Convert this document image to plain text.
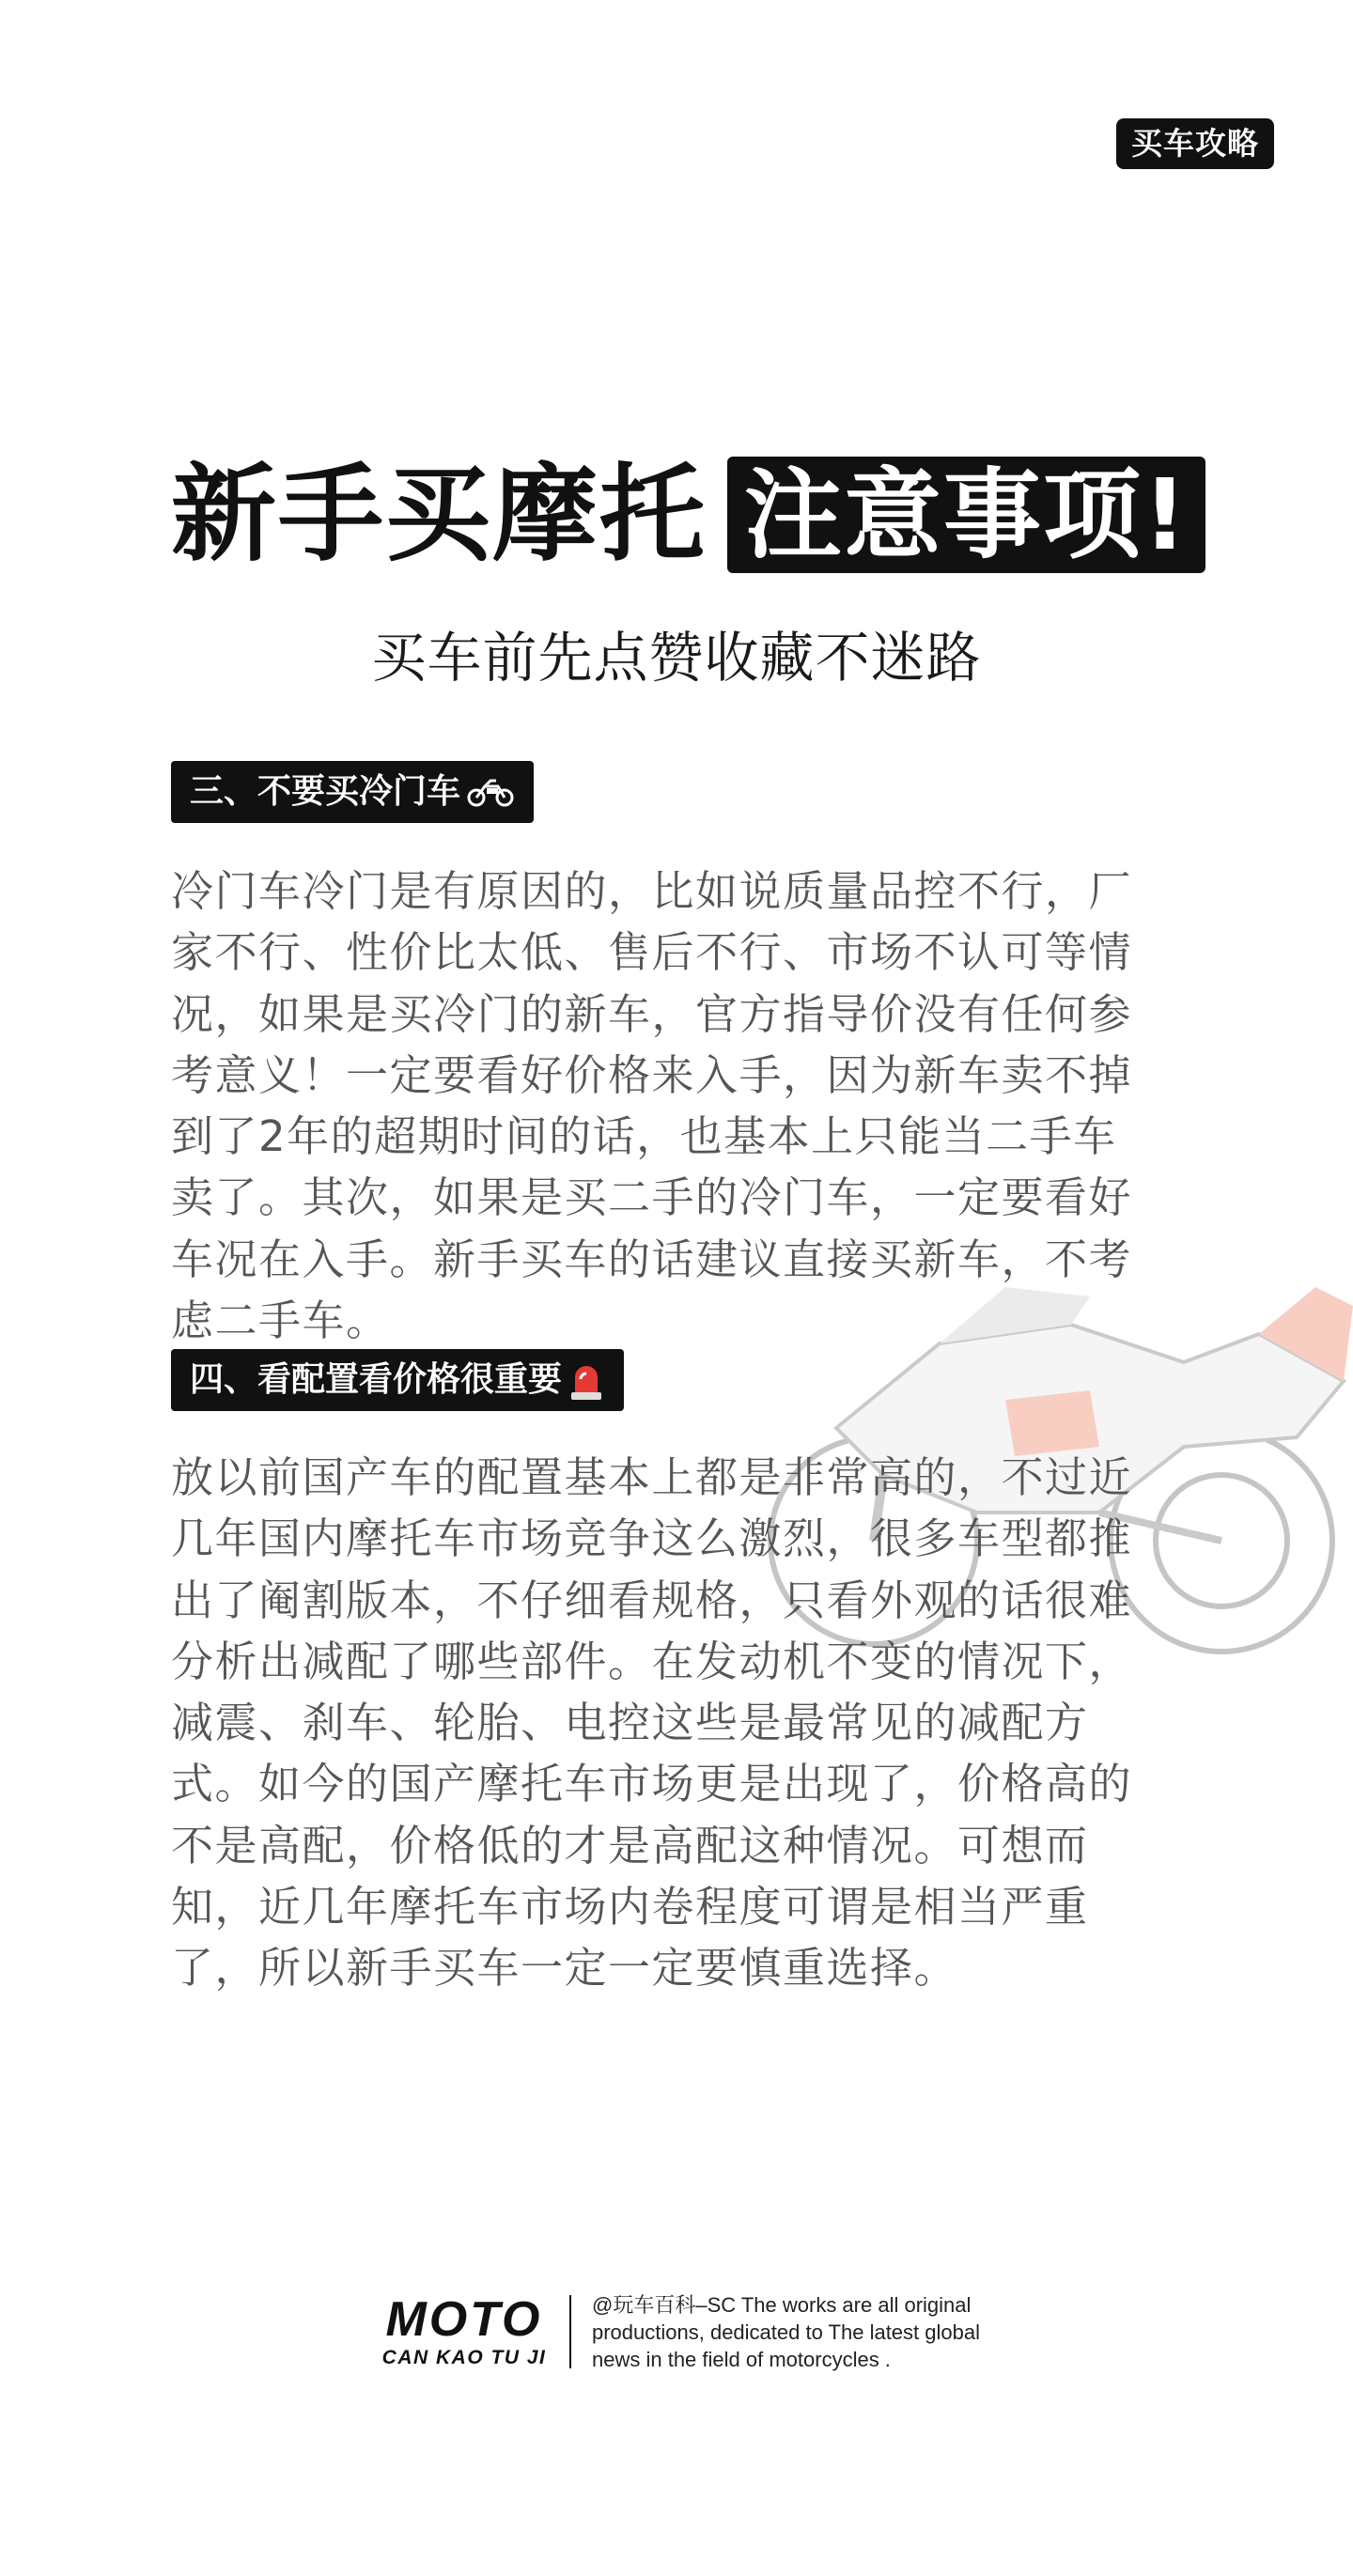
买车攻略
新手买摩托 注意事项!
买车前先点赞收藏不迷路
三、不要买冷门车
冷门车冷门是有原因的，比如说质量品控不行，厂家不行、性价比太低、售后不行、市场不认可等情况，如果是买冷门的新车，官方指导价没有任何参考意义！一定要看好价格来入手，因为新车卖不掉到了2年的超期时间的话，也基本上只能当二手车卖了。其次，如果是买二手的冷门车，一定要看好车况在入手。新手买车的话建议直接买新车，不考虑二手车。
四、看配置看价格很重要
放以前国产车的配置基本上都是非常高的，不过近几年国内摩托车市场竞争这么激烈，很多车型都推出了阉割版本，不仔细看规格，只看外观的话很难分析出减配了哪些部件。在发动机不变的情况下，减震、刹车、轮胎、电控这些是最常见的减配方式。如今的国产摩托车市场更是出现了，价格高的不是高配，价格低的才是高配这种情况。可想而知，近几年摩托车市场内卷程度可谓是相当严重了，所以新手买车一定一定要慎重选择。
MOTO
CAN KAO TU JI
@玩车百科–SC The works are all original productions, dedicated to The latest global news in the field of motorcycles .
